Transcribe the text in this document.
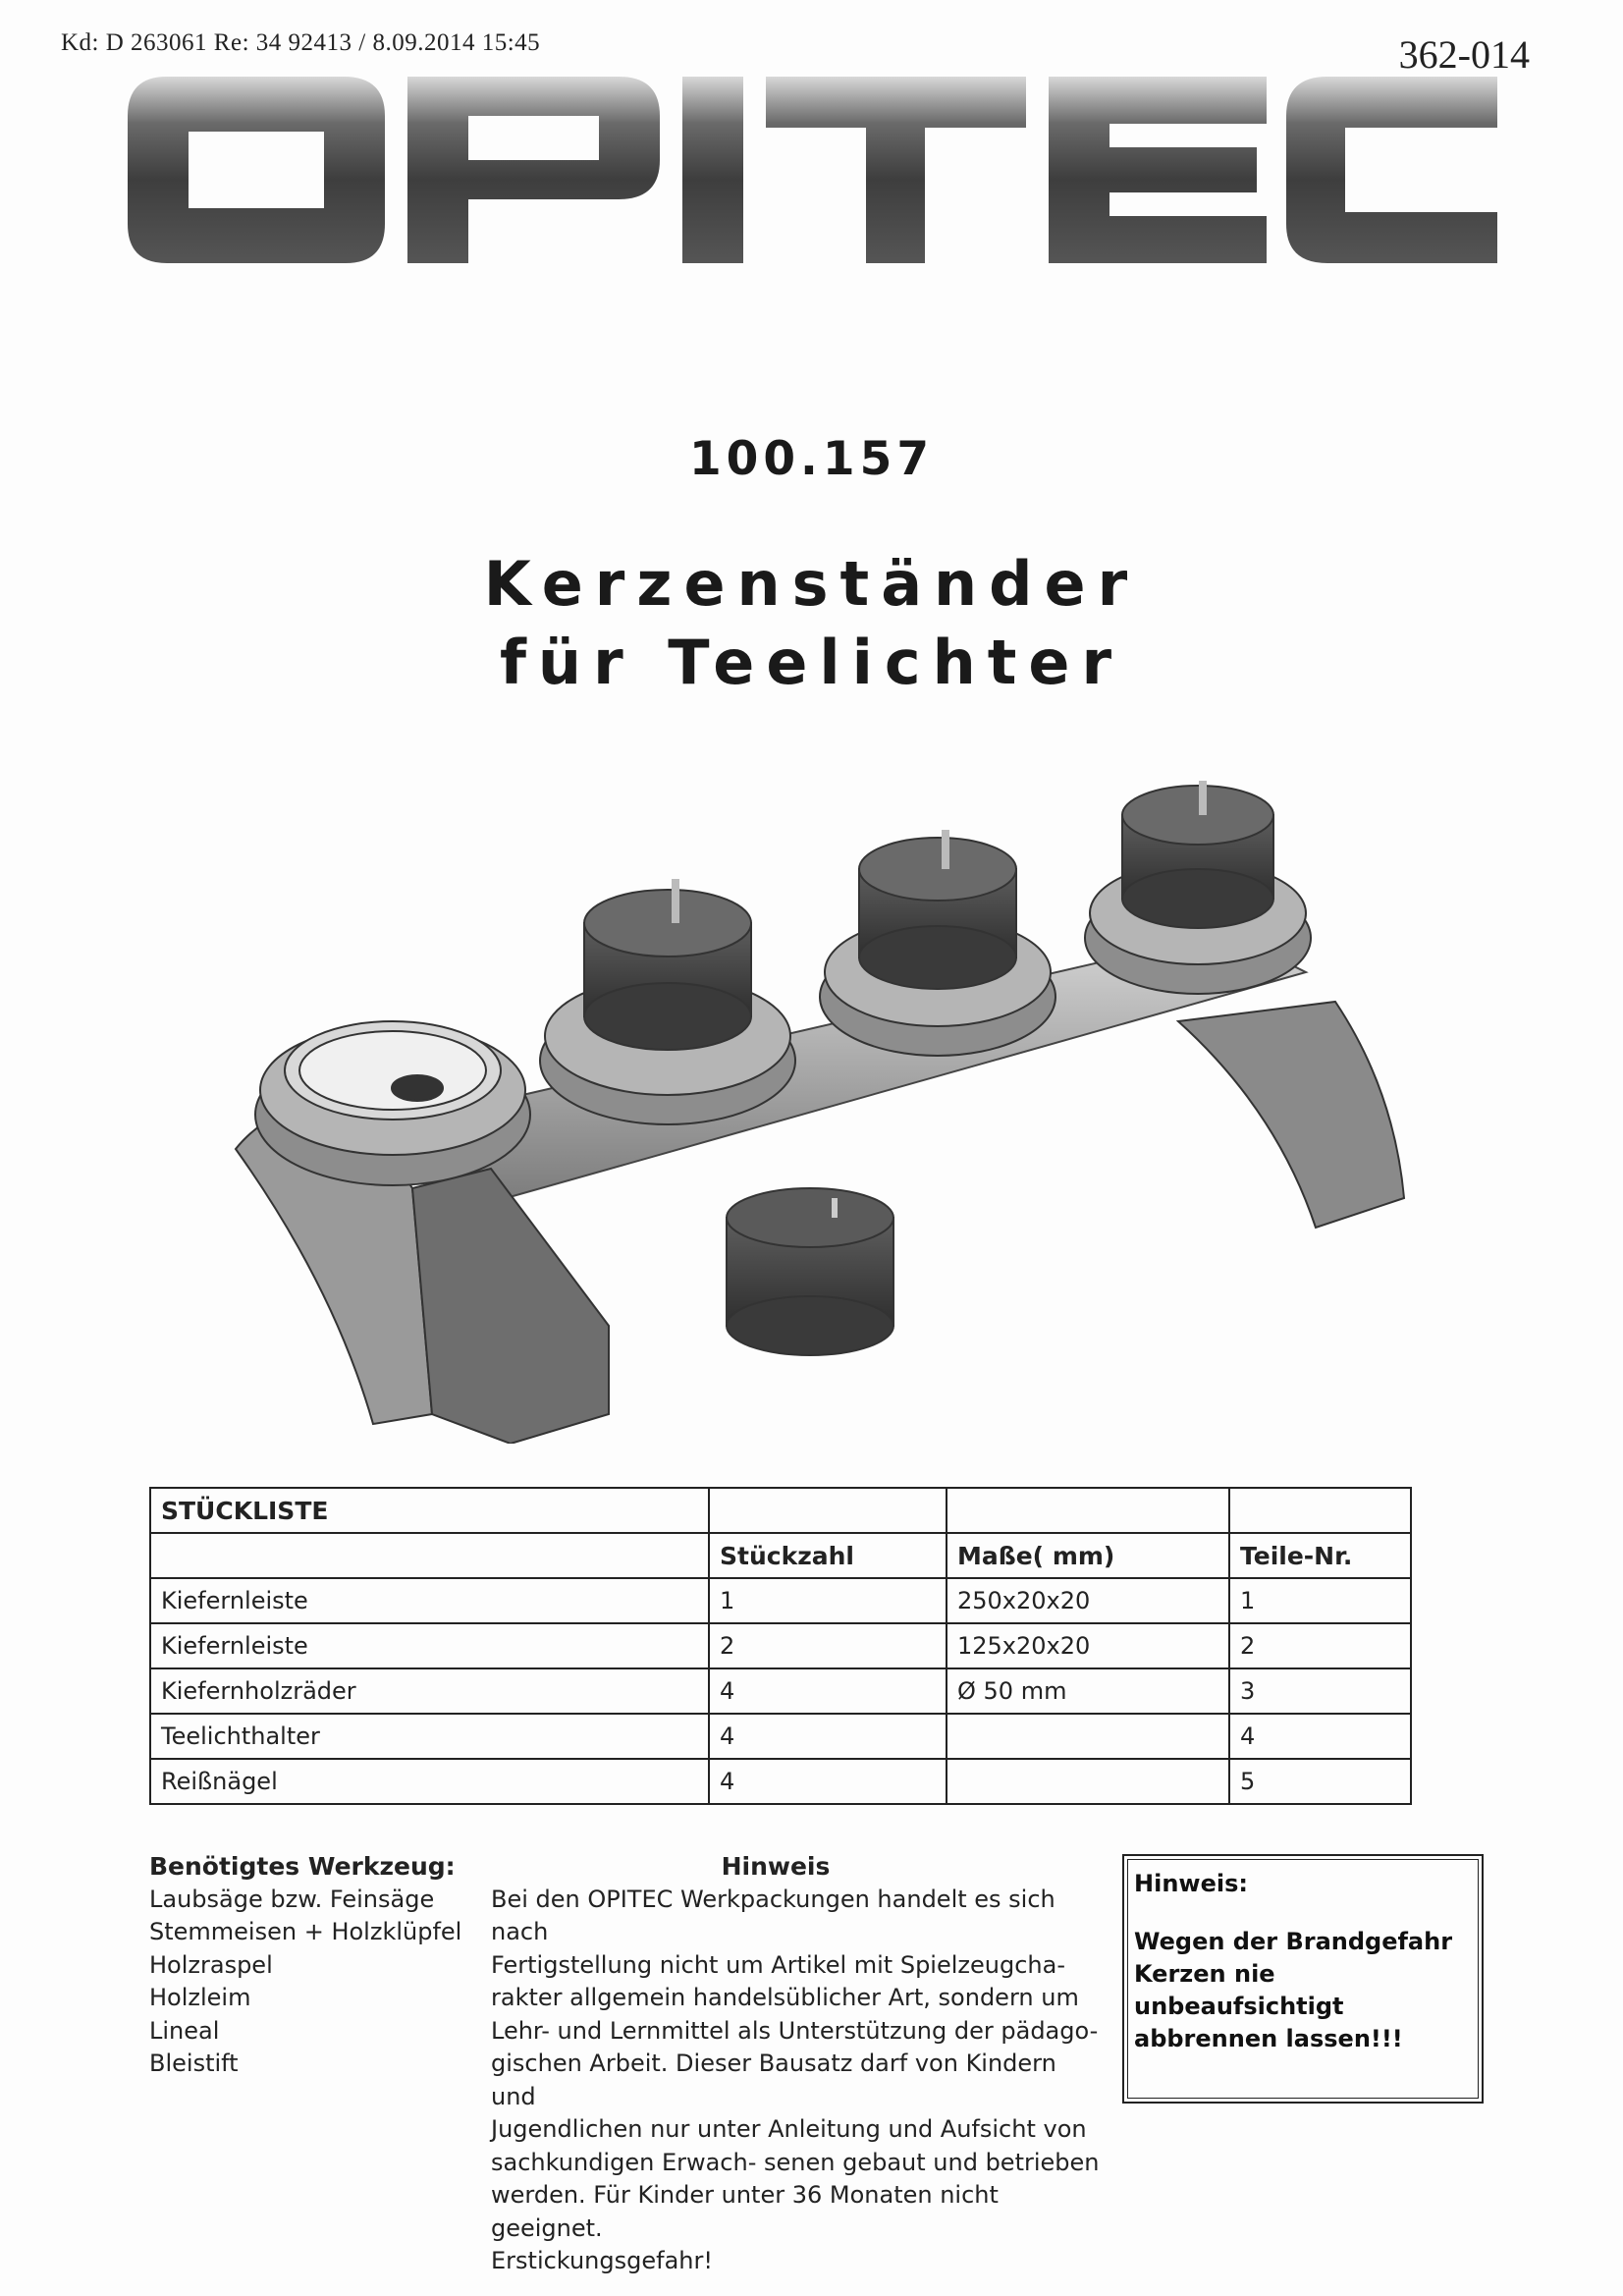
Kd: D 263061 Re: 34 92413 / 8.09.2014 15:45	362-014
100.157
Kerzenständer
für Teelichter
STÜCKLISTE			
	Stückzahl	Maße( mm)	Teile-Nr.
Kiefernleiste	1	250x20x20	1
Kiefernleiste	2	125x20x20	2
Kiefernholzräder	4	Ø 50 mm	3
Teelichthalter	4		4
Reißnägel	4		5
Benötigtes Werkzeug:
Laubsäge bzw. Feinsäge
Stemmeisen + Holzklüpfel
Holzraspel
Holzleim
Lineal
Bleistift
Hinweis
Bei den OPITEC Werkpackungen handelt es sich nach
Fertigstellung nicht um Artikel mit Spielzeugcha-
rakter allgemein handelsüblicher Art, sondern um
Lehr- und Lernmittel als Unterstützung der pädago-
gischen Arbeit. Dieser Bausatz darf von Kindern und
Jugendlichen nur unter Anleitung und Aufsicht von
sachkundigen Erwach- senen gebaut und betrieben
werden. Für Kinder unter 36 Monaten nicht geeignet.
Erstickungsgefahr!
Hinweis:
Wegen der Brandgefahr
Kerzen nie unbeaufsichtigt
abbrennen lassen!!!
